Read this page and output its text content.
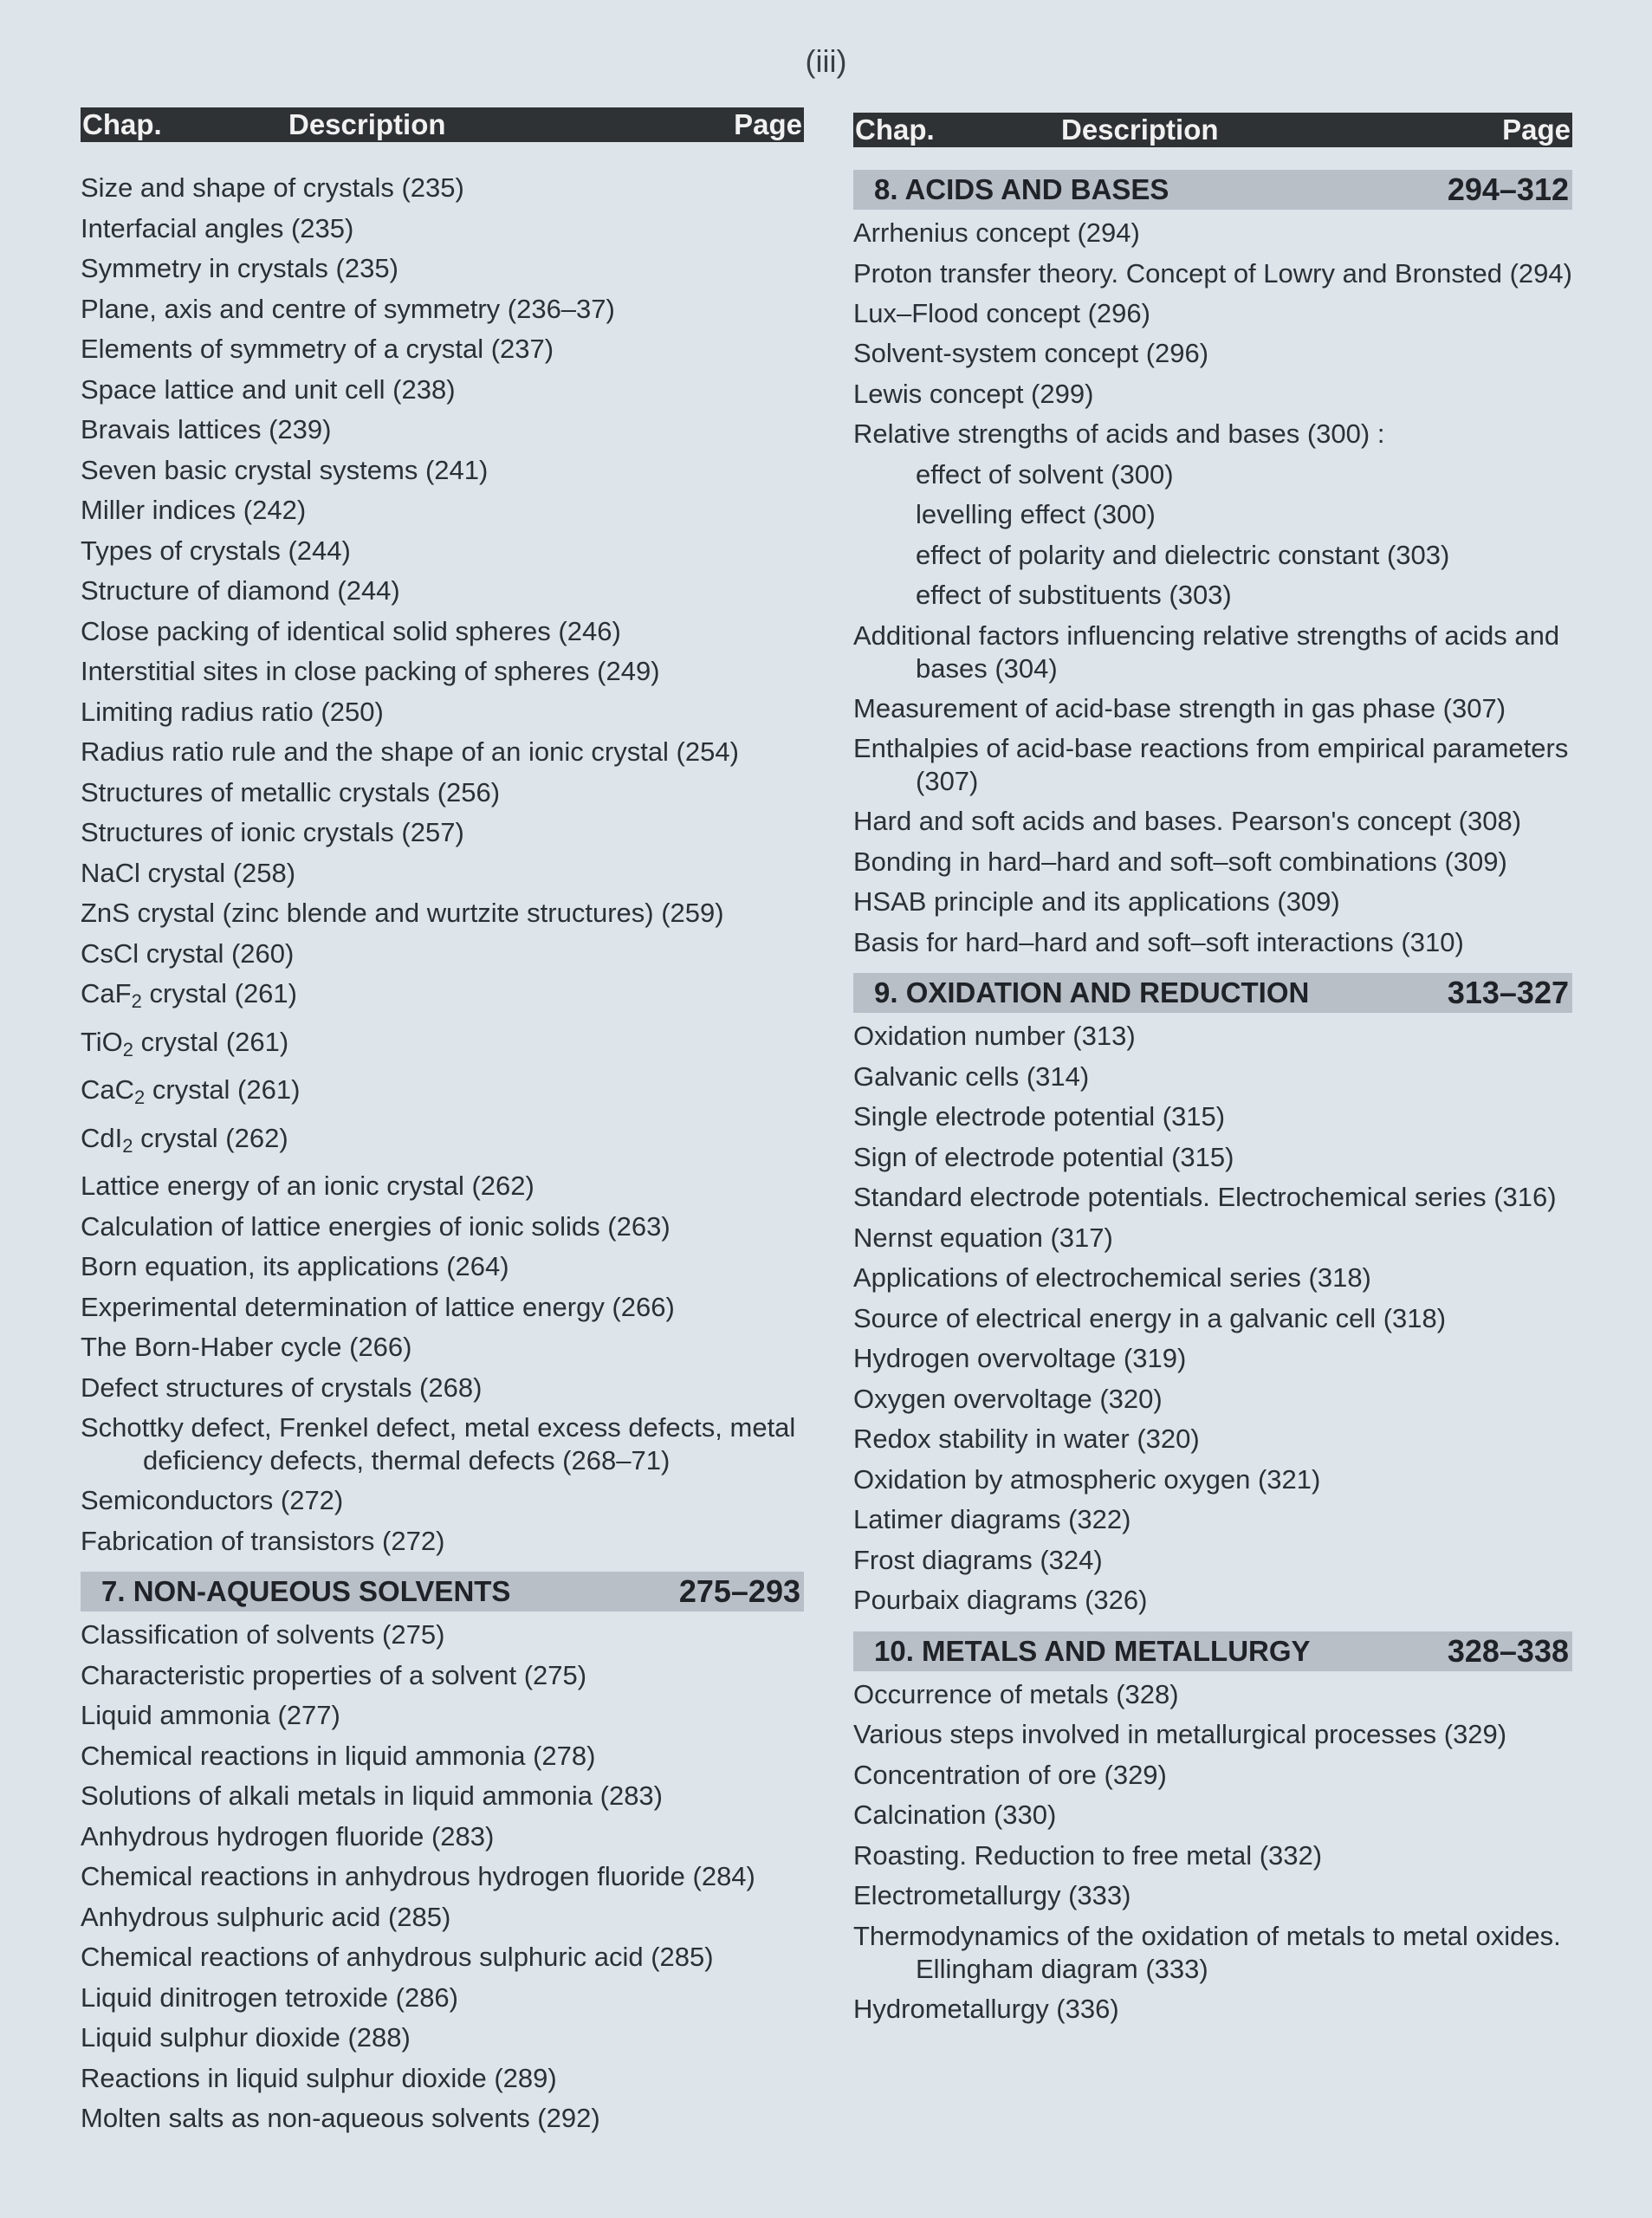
(iii)
Chap.	Description	Page
Size and shape of crystals (235)
Interfacial angles (235)
Symmetry in crystals (235)
Plane, axis and centre of symmetry (236–37)
Elements of symmetry of a crystal (237)
Space lattice and unit cell (238)
Bravais lattices (239)
Seven basic crystal systems (241)
Miller indices (242)
Types of crystals (244)
Structure of diamond (244)
Close packing of identical solid spheres (246)
Interstitial sites in close packing of spheres (249)
Limiting radius ratio (250)
Radius ratio rule and the shape of an ionic crystal (254)
Structures of metallic crystals (256)
Structures of ionic crystals (257)
NaCl crystal (258)
ZnS crystal (zinc blende and wurtzite structures) (259)
CsCl crystal (260)
CaF$_2$ crystal (261)
TiO$_2$ crystal (261)
CaC$_2$ crystal (261)
CdI$_2$ crystal (262)
Lattice energy of an ionic crystal (262)
Calculation of lattice energies of ionic solids (263)
Born equation, its applications (264)
Experimental determination of lattice energy (266)
The Born-Haber cycle (266)
Defect structures of crystals (268)
Schottky defect, Frenkel defect, metal excess defects, metal deficiency defects, thermal defects (268–71)
Semiconductors (272)
Fabrication of transistors (272)
7. NON-AQUEOUS SOLVENTS	275–293
Classification of solvents (275)
Characteristic properties of a solvent (275)
Liquid ammonia (277)
Chemical reactions in liquid ammonia (278)
Solutions of alkali metals in liquid ammonia (283)
Anhydrous hydrogen fluoride (283)
Chemical reactions in anhydrous hydrogen fluoride (284)
Anhydrous sulphuric acid (285)
Chemical reactions of anhydrous sulphuric acid (285)
Liquid dinitrogen tetroxide (286)
Liquid sulphur dioxide (288)
Reactions in liquid sulphur dioxide (289)
Molten salts as non-aqueous solvents (292)
Chap.	Description	Page
8. ACIDS AND BASES	294–312
Arrhenius concept (294)
Proton transfer theory. Concept of Lowry and Bronsted (294)
Lux–Flood concept (296)
Solvent-system concept (296)
Lewis concept (299)
Relative strengths of acids and bases (300) :
effect of solvent (300)
levelling effect (300)
effect of polarity and dielectric constant (303)
effect of substituents (303)
Additional factors influencing relative strengths of acids and bases (304)
Measurement of acid-base strength in gas phase (307)
Enthalpies of acid-base reactions from empirical parameters (307)
Hard and soft acids and bases. Pearson's concept (308)
Bonding in hard–hard and soft–soft combinations (309)
HSAB principle and its applications (309)
Basis for hard–hard and soft–soft interactions (310)
9. OXIDATION AND REDUCTION	313–327
Oxidation number (313)
Galvanic cells (314)
Single electrode potential (315)
Sign of electrode potential (315)
Standard electrode potentials. Electrochemical series (316)
Nernst equation (317)
Applications of electrochemical series (318)
Source of electrical energy in a galvanic cell (318)
Hydrogen overvoltage (319)
Oxygen overvoltage (320)
Redox stability in water (320)
Oxidation by atmospheric oxygen (321)
Latimer diagrams (322)
Frost diagrams (324)
Pourbaix diagrams (326)
10. METALS AND METALLURGY	328–338
Occurrence of metals (328)
Various steps involved in metallurgical processes (329)
Concentration of ore (329)
Calcination (330)
Roasting. Reduction to free metal (332)
Electrometallurgy (333)
Thermodynamics of the oxidation of metals to metal oxides. Ellingham diagram (333)
Hydrometallurgy (336)
